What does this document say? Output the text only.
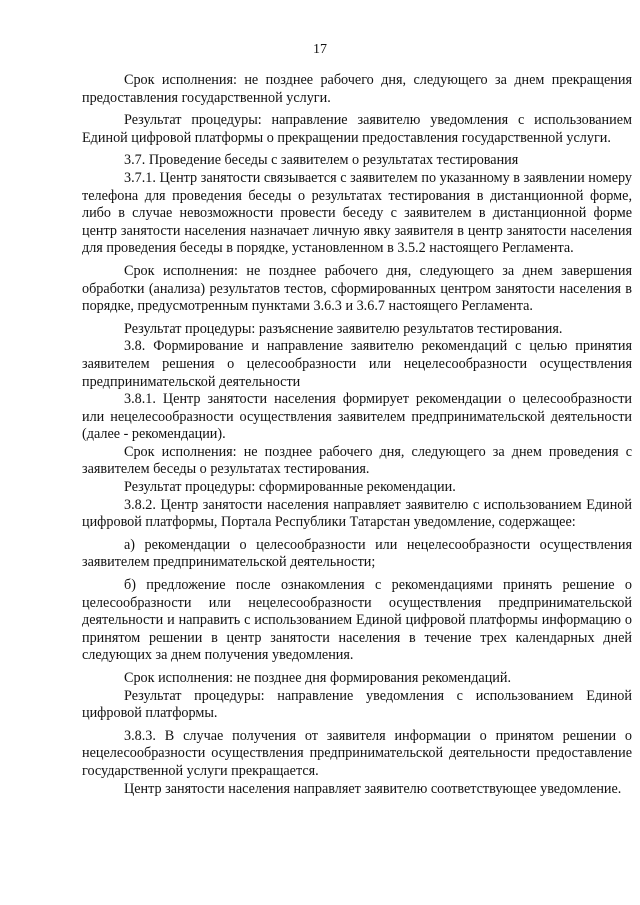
17

Срок исполнения: не позднее рабочего дня, следующего за днем прекращения предоставления государственной услуги.

Результат процедуры: направление заявителю уведомления с использованием Единой цифровой платформы о прекращении предоставления государственной услуги.

3.7. Проведение беседы с заявителем о результатах тестирования

3.7.1. Центр занятости связывается с заявителем по указанному в заявлении номеру телефона для проведения беседы о результатах тестирования в дистанционной форме, либо в случае невозможности провести беседу с заявителем в дистанционной форме центр занятости населения назначает личную явку заявителя в центр занятости населения для проведения беседы в порядке, установленном в 3.5.2 настоящего Регламента.

Срок исполнения: не позднее рабочего дня, следующего за днем завершения обработки (анализа) результатов тестов, сформированных центром занятости населения в порядке, предусмотренным пунктами 3.6.3 и 3.6.7 настоящего Регламента.

Результат процедуры: разъяснение заявителю результатов тестирования.

3.8. Формирование и направление заявителю рекомендаций с целью принятия заявителем решения о целесообразности или нецелесообразности осуществления предпринимательской деятельности

3.8.1. Центр занятости населения формирует рекомендации о целесообразности или нецелесообразности осуществления заявителем предпринимательской деятельности (далее - рекомендации).

Срок исполнения: не позднее рабочего дня, следующего за днем проведения с заявителем беседы о результатах тестирования.

Результат процедуры: сформированные рекомендации.

3.8.2. Центр занятости населения направляет заявителю с использованием Единой цифровой платформы, Портала Республики Татарстан уведомление, содержащее:

а) рекомендации о целесообразности или нецелесообразности осуществления заявителем предпринимательской деятельности;

б) предложение после ознакомления с рекомендациями принять решение о целесообразности или нецелесообразности осуществления предпринимательской деятельности и направить с использованием Единой цифровой платформы информацию о принятом решении в центр занятости населения в течение трех календарных дней следующих за днем получения уведомления.

Срок исполнения: не позднее дня формирования рекомендаций.

Результат процедуры: направление уведомления с использованием Единой цифровой платформы.

3.8.3. В случае получения от заявителя информации о принятом решении о нецелесообразности осуществления предпринимательской деятельности предоставление государственной услуги прекращается.

Центр занятости населения направляет заявителю соответствующее уведомление.
